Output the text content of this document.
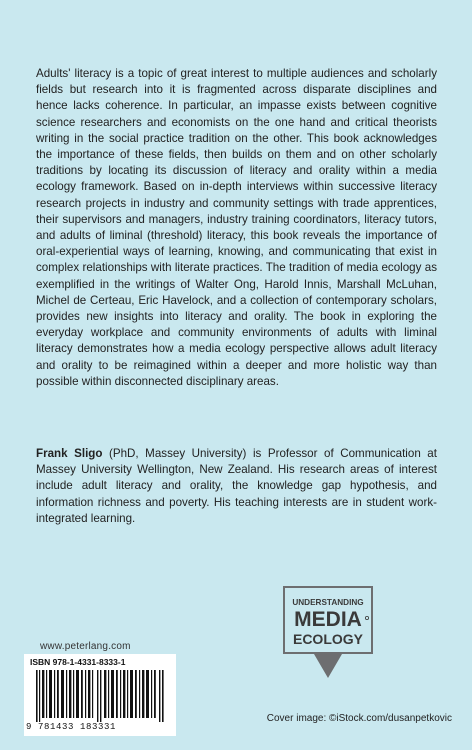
Adults' literacy is a topic of great interest to multiple audiences and scholarly fields but research into it is fragmented across disparate disciplines and hence lacks coherence. In particular, an impasse exists between cognitive science researchers and economists on the one hand and critical theorists writing in the social practice tradition on the other. This book acknowledges the importance of these fields, then builds on them and on other scholarly traditions by locating its discussion of literacy and orality within a media ecology framework. Based on in-depth interviews within successive literacy research projects in industry and community settings with trade apprentices, their supervisors and managers, industry training coordinators, literacy tutors, and adults of liminal (threshold) literacy, this book reveals the importance of oral-experiential ways of learning, knowing, and communicating that exist in complex relationships with literate practices. The tradition of media ecology as exemplified in the writings of Walter Ong, Harold Innis, Marshall McLuhan, Michel de Certeau, Eric Havelock, and a collection of contemporary scholars, provides new insights into literacy and orality. The book in exploring the everyday workplace and community environments of adults with liminal literacy demonstrates how a media ecology perspective allows adult literacy and orality to be reimagined within a deeper and more holistic way than possible within disconnected disciplinary areas.

Frank Sligo (PhD, Massey University) is Professor of Communication at Massey University Wellington, New Zealand. His research areas of interest include adult literacy and orality, the knowledge gap hypothesis, and information richness and poverty. His teaching interests are in student work-integrated learning.

UNDERSTANDING
MEDIA
ECOLOGY
www.peterlang.com
ISBN 978-1-4331-8333-1
9 781433 183331
Cover image: ©iStock.com/dusanpetkovic
